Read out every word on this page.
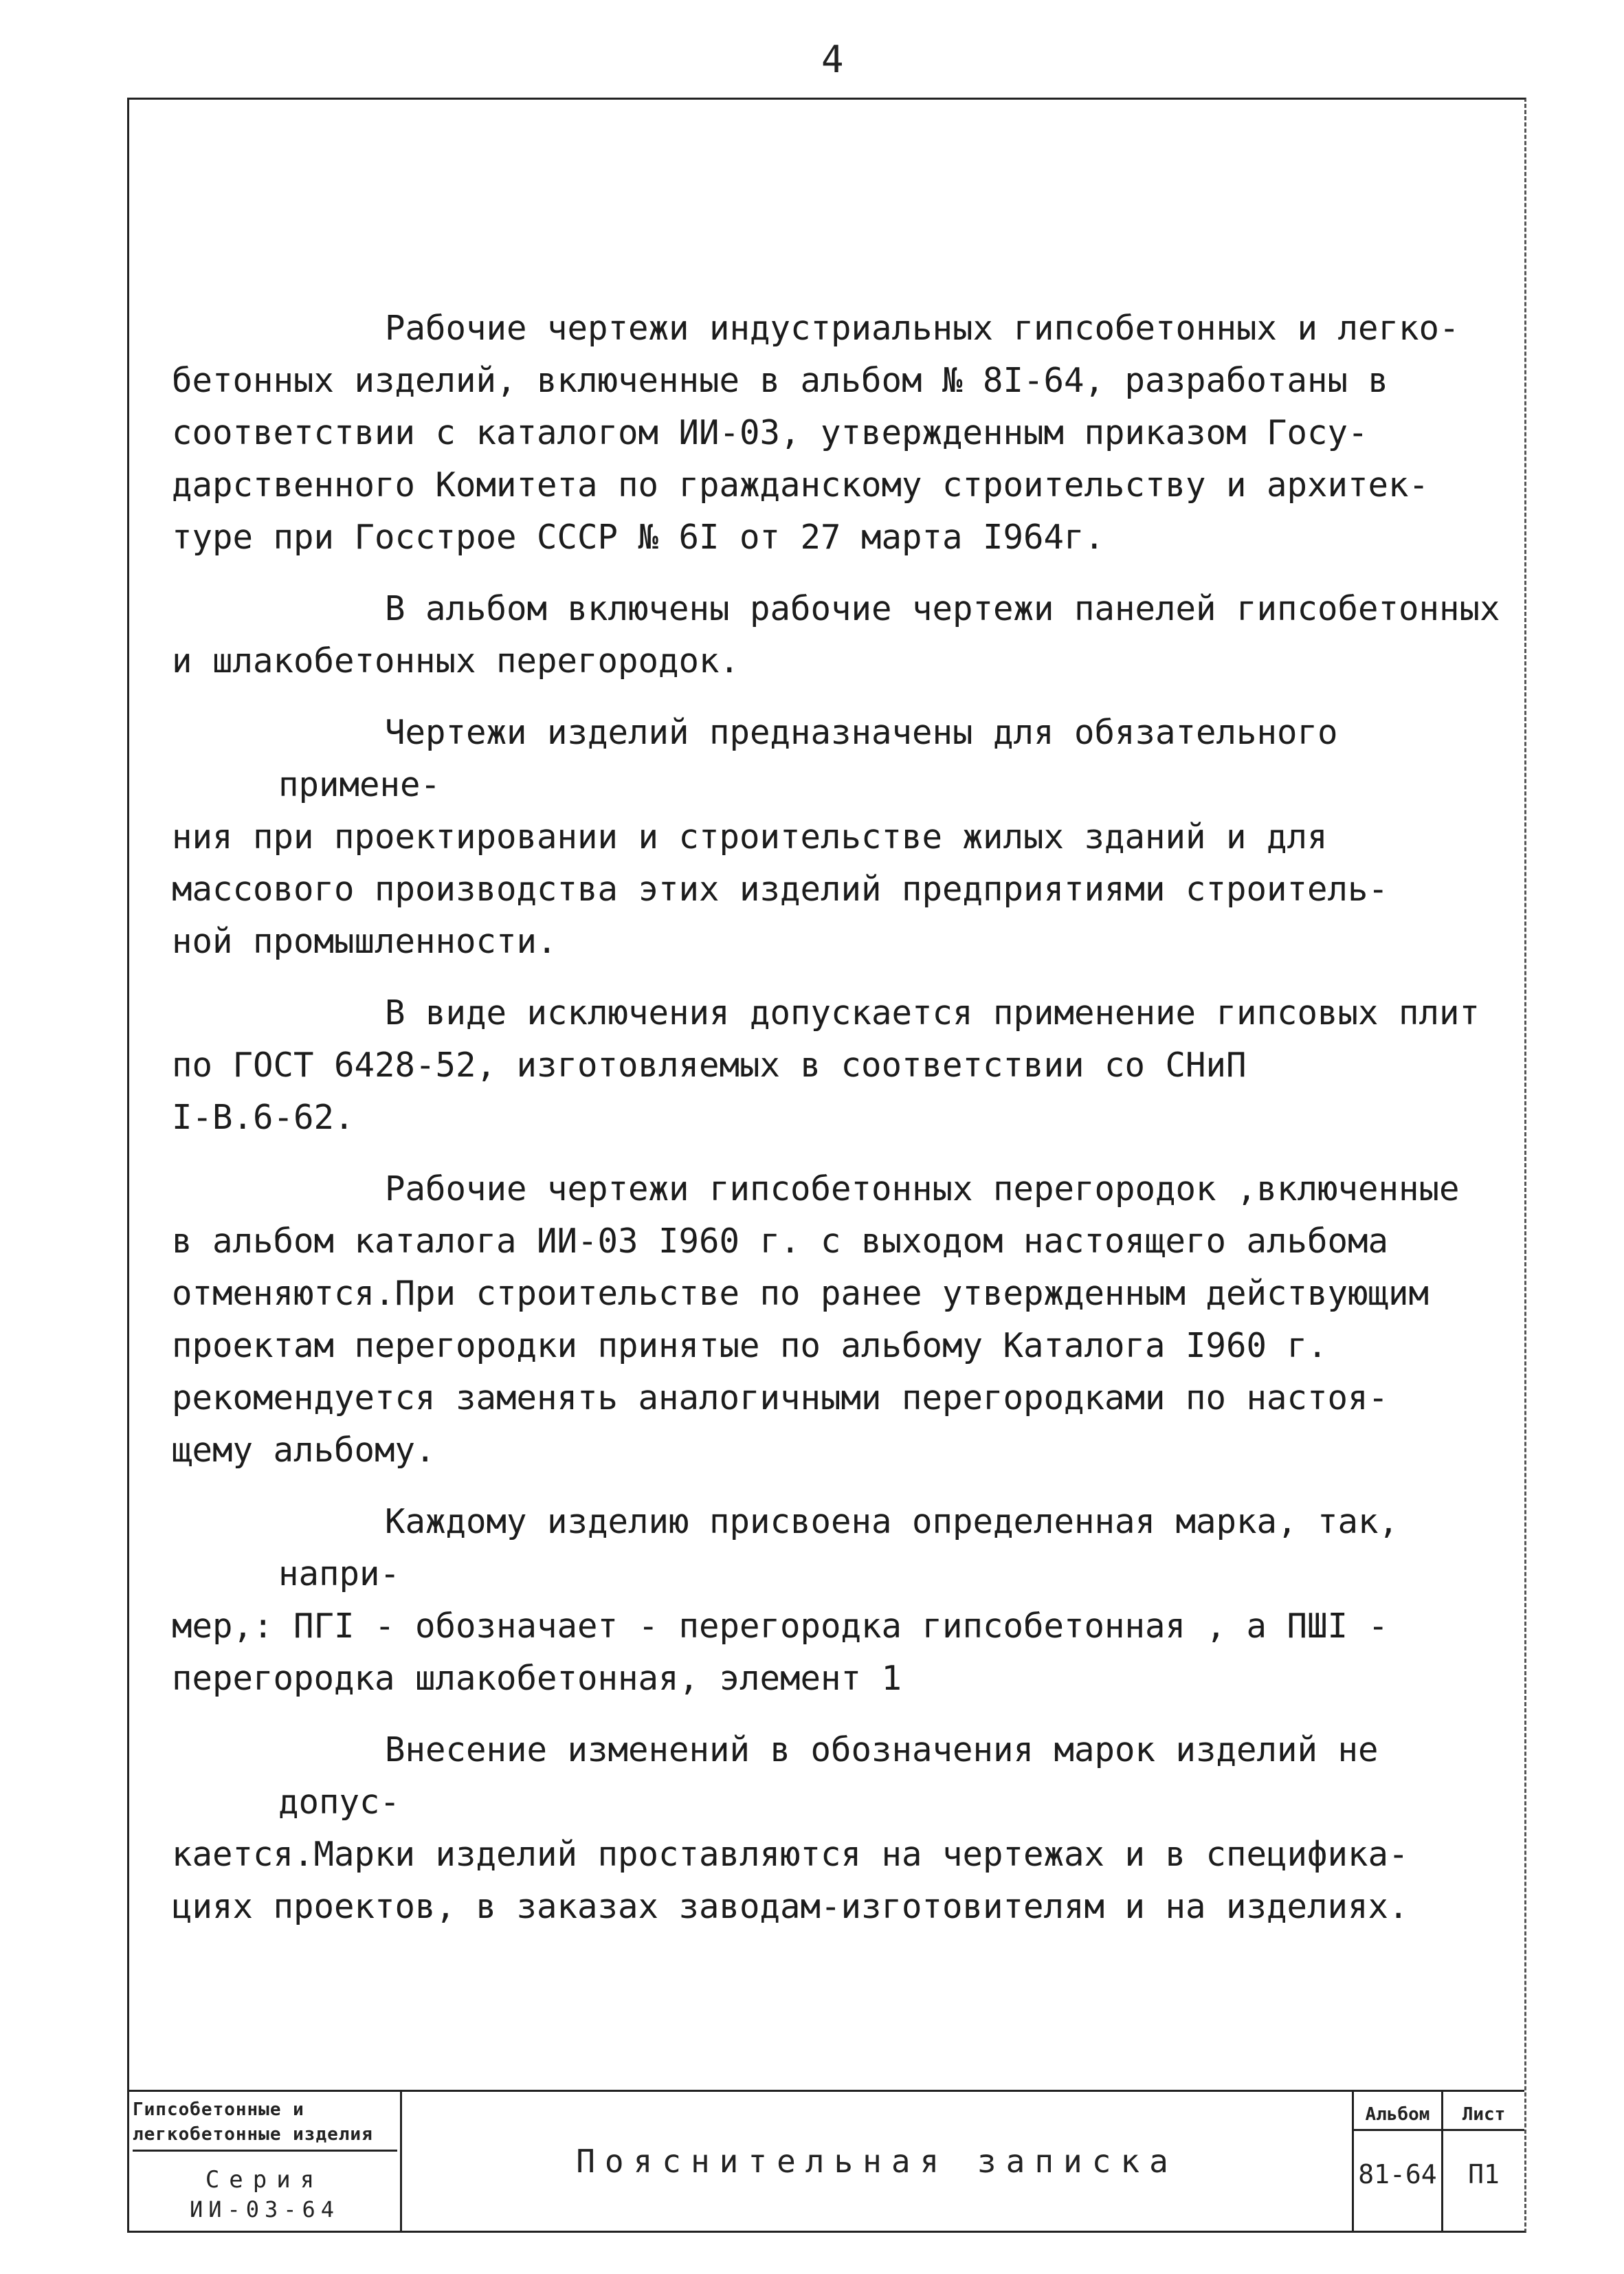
4
Рабочие чертежи индустриальных гипсобетонных и легко-
бетонных изделий, включенные в альбом № 8I-64, разработаны в
соответствии с каталогом ИИ-03, утвержденным приказом Госу-
дарственного Комитета по гражданскому строительству и архитек-
туре при Госстрое СССР № 6I от 27 марта I964г.
В альбом включены рабочие чертежи панелей гипсобетонных
и шлакобетонных перегородок.
Чертежи изделий предназначены для обязательного примене-
ния при проектировании и строительстве жилых зданий и для
массового производства этих изделий предприятиями строитель-
ной промышленности.
В виде исключения допускается применение гипсовых плит
по ГОСТ 6428-52, изготовляемых в соответствии со СНиП
I-В.6-62.
Рабочие чертежи гипсобетонных перегородок ,включенные
в альбом каталога ИИ-03 I960 г. с выходом настоящего альбома
отменяются.При строительстве по ранее утвержденным действующим
проектам перегородки принятые по альбому Каталога I960 г.
рекомендуется заменять аналогичными перегородками по настоя-
щему альбому.
Каждому изделию присвоена определенная марка, так, напри-
мер,: ПГI - обозначает - перегородка гипсобетонная , а ПШI -
перегородка шлакобетонная, элемент 1
Внесение изменений в обозначения марок изделий не допус-
кается.Марки изделий проставляются на чертежах и в специфика-
циях проектов, в заказах заводам-изготовителям и на изделиях.
Гипсобетонные и
легкобетонные изделия
Серия
ИИ-03-64
Пояснительная записка
Альбом
81-64
Лист
П1
